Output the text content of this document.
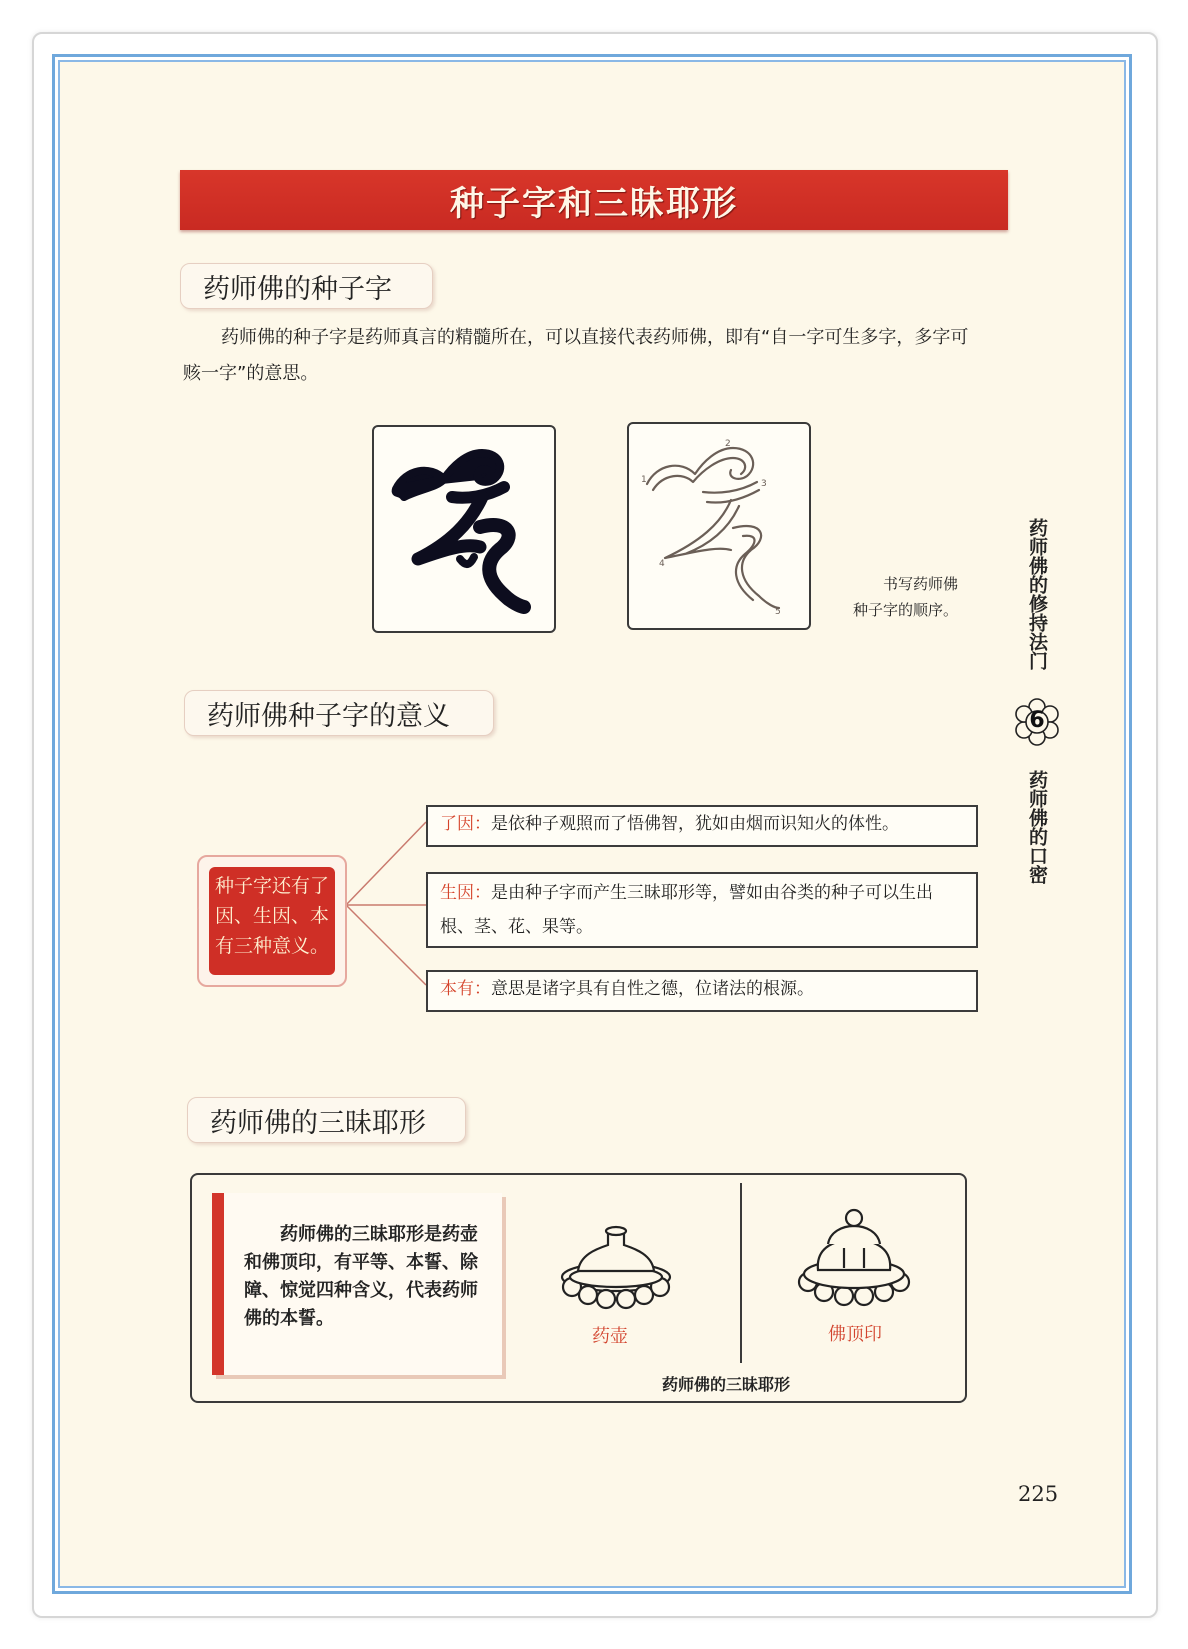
种子字和三昧耶形
药师佛的种子字
药师佛的种子字是药师真言的精髓所在，可以直接代表药师佛，即有“自一字可生多字，多字可赅一字”的意思。
1
2
3
4
5
书写药师佛
种子字的顺序。	药师佛的修持法门
6
药师佛的口密
药师佛种子字的意义
种子字还有了因、生因、本有三种意义。
了因：是依种子观照而了悟佛智，犹如由烟而识知火的体性。
生因：是由种子字而产生三昧耶形等，譬如由谷类的种子可以生出根、茎、花、果等。
本有：意思是诸字具有自性之德，位诸法的根源。
药师佛的三昧耶形
药师佛的三昧耶形是药壶和佛顶印，有平等、本誓、除障、惊觉四种含义，代表药师佛的本誓。
药壶	佛顶印
药师佛的三昧耶形
225
